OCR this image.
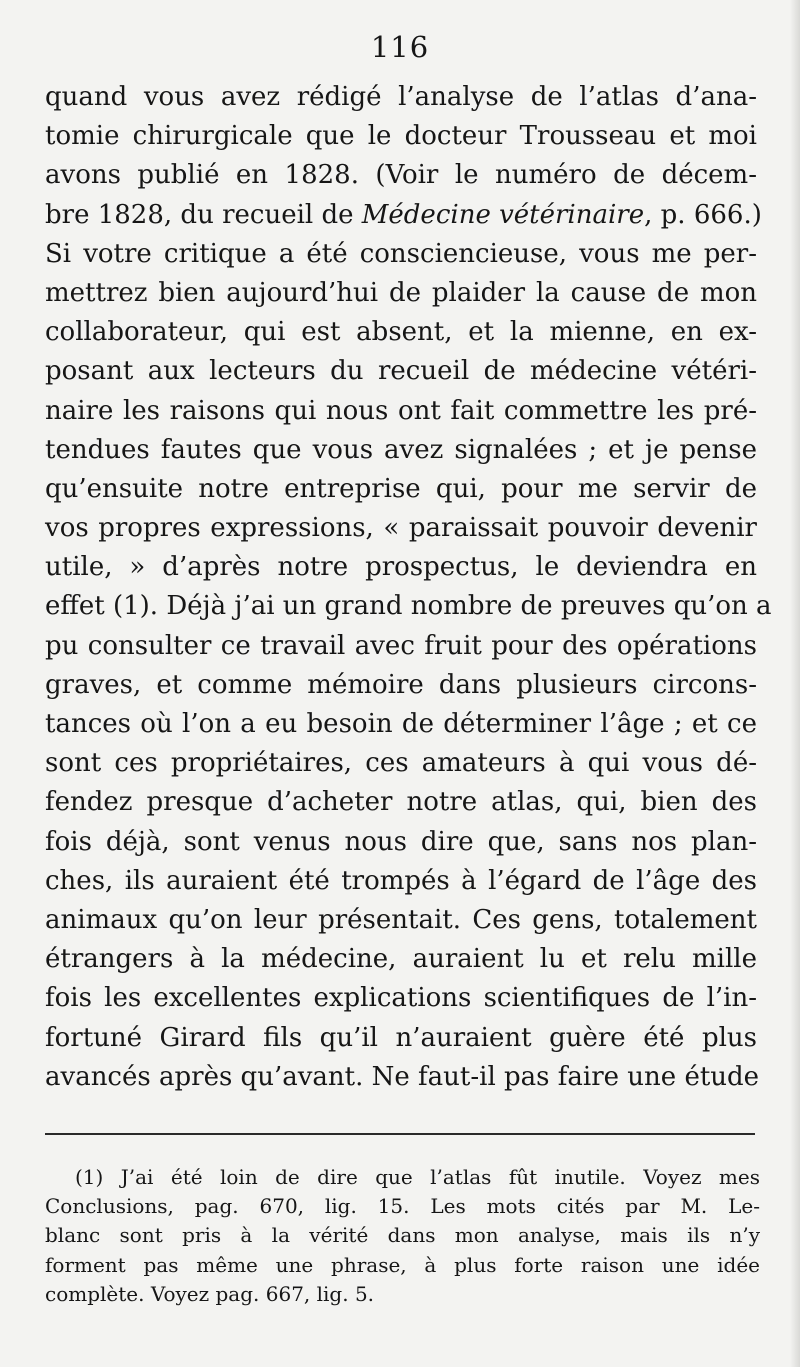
116
quand vous avez rédigé l’analyse de l’atlas d’ana-
tomie chirurgicale que le docteur Trousseau et moi
avons publié en 1828. (Voir le numéro de décem-
bre 1828, du recueil de Médecine vétérinaire, p. 666.)
Si votre critique a été consciencieuse, vous me per-
mettrez bien aujourd’hui de plaider la cause de mon
collaborateur, qui est absent, et la mienne, en ex-
posant aux lecteurs du recueil de médecine vétéri-
naire les raisons qui nous ont fait commettre les pré-
tendues fautes que vous avez signalées ; et je pense
qu’ensuite notre entreprise qui, pour me servir de
vos propres expressions, « paraissait pouvoir devenir
utile, » d’après notre prospectus, le deviendra en
effet (1). Déjà j’ai un grand nombre de preuves qu’on a
pu consulter ce travail avec fruit pour des opérations
graves, et comme mémoire dans plusieurs circons-
tances où l’on a eu besoin de déterminer l’âge ; et ce
sont ces propriétaires, ces amateurs à qui vous dé-
fendez presque d’acheter notre atlas, qui, bien des
fois déjà, sont venus nous dire que, sans nos plan-
ches, ils auraient été trompés à l’égard de l’âge des
animaux qu’on leur présentait. Ces gens, totalement
étrangers à la médecine, auraient lu et relu mille
fois les excellentes explications scientifiques de l’in-
fortuné Girard fils qu’il n’auraient guère été plus
avancés après qu’avant. Ne faut-il pas faire une étude
(1) J’ai été loin de dire que l’atlas fût inutile. Voyez mes
Conclusions, pag. 670, lig. 15. Les mots cités par M. Le-
blanc sont pris à la vérité dans mon analyse, mais ils n’y
forment pas même une phrase, à plus forte raison une idée
complète. Voyez pag. 667, lig. 5.
